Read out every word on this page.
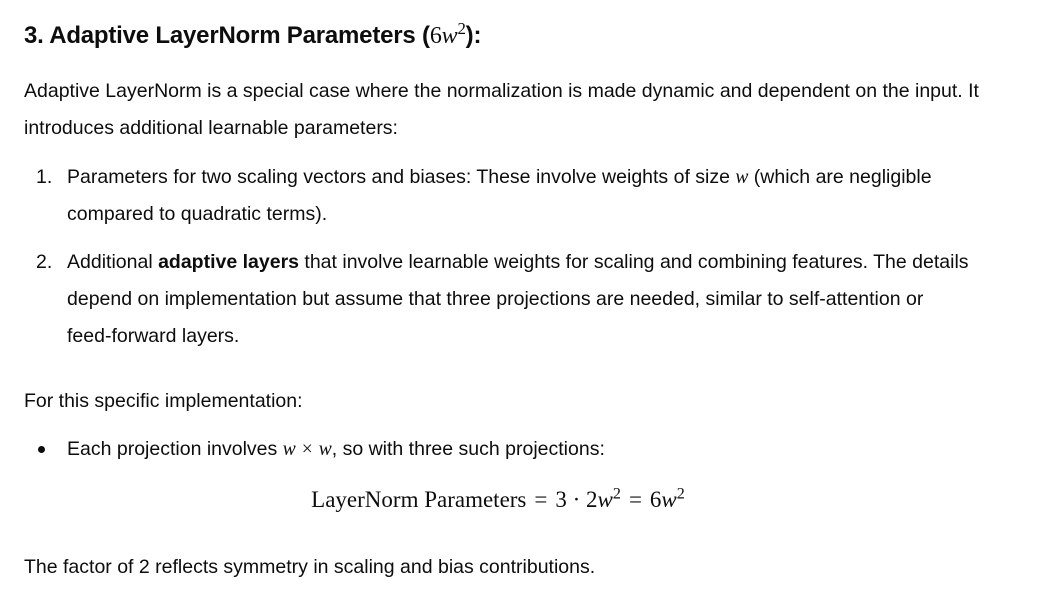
3. Adaptive LayerNorm Parameters $(6w^2)$:

Adaptive LayerNorm is a special case where the normalization is made dynamic and dependent on the input. It introduces additional learnable parameters:

1. Parameters for two scaling vectors and biases: These involve weights of size w (which are negligible compared to quadratic terms).
2. Additional adaptive layers that involve learnable weights for scaling and combining features. The details depend on implementation but assume that three projections are needed, similar to self-attention or feed-forward layers.

For this specific implementation:

Each projection involves w × w, so with three such projections:
LayerNorm Parameters = $3 \cdot 2w^2 = 6w^2$

The factor of 2 reflects symmetry in scaling and bias contributions.
